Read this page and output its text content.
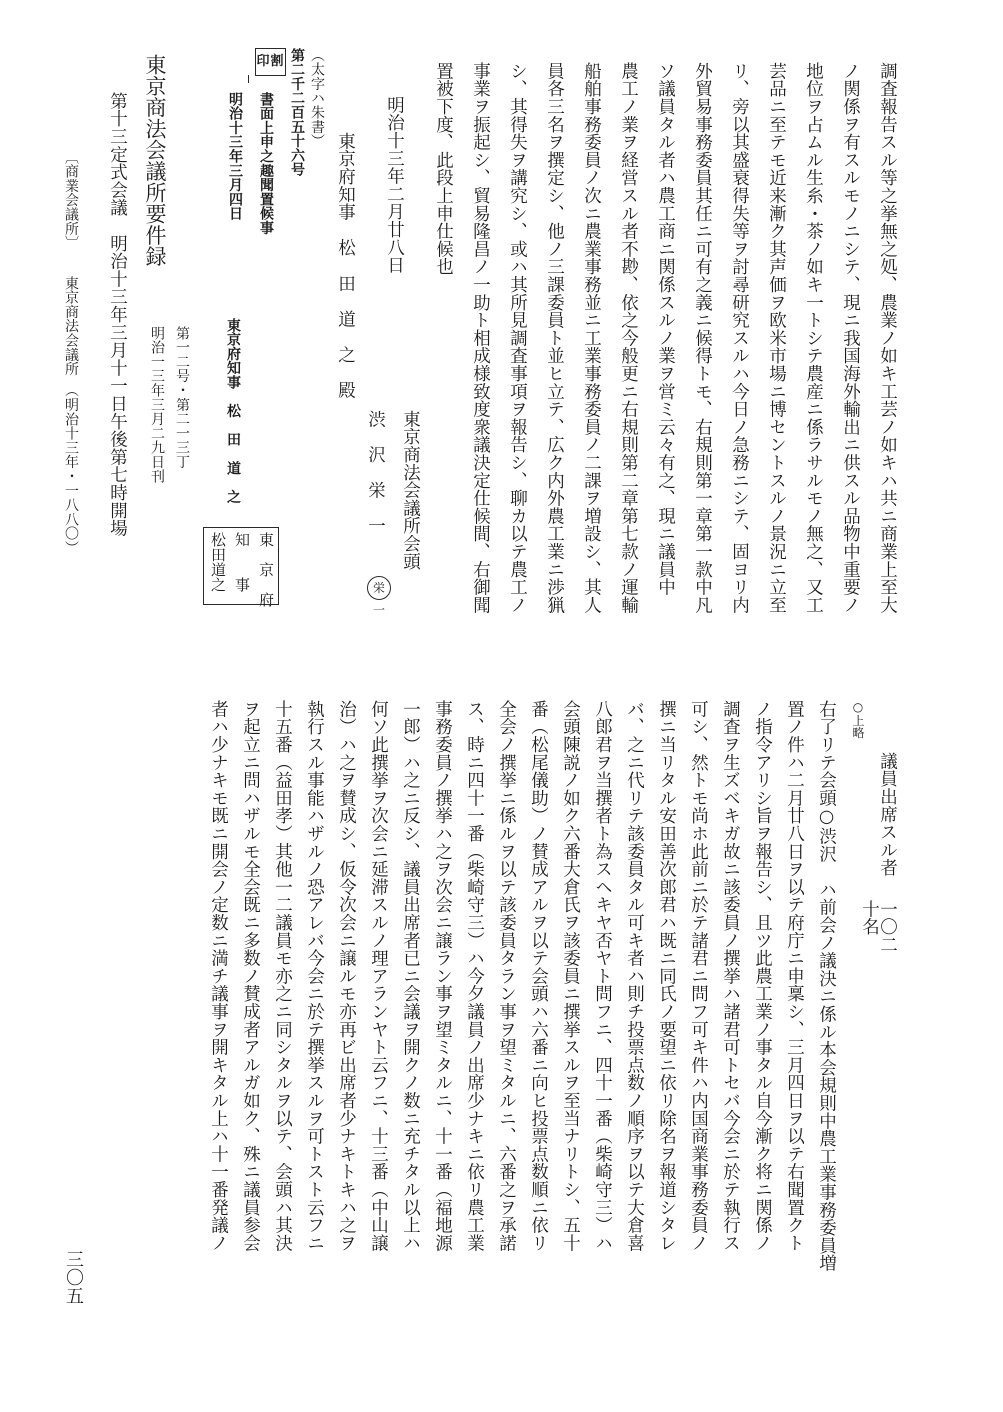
調査報告スル等之挙無之処、農業ノ如キ工芸ノ如キハ共ニ商業上至大
ノ関係ヲ有スルモノニシテ、現ニ我国海外輸出ニ供スル品物中重要ノ
地位ヲ占ムル生糸・茶ノ如キ一トシテ農産ニ係ラサルモノ無之、又工
芸品ニ至テモ近来漸ク其声価ヲ欧米市場ニ博セントスルノ景況ニ立至
リ、旁以其盛衰得失等ヲ討尋研究スルハ今日ノ急務ニシテ、固ヨリ内
外貿易事務委員其任ニ可有之義ニ候得トモ、右規則第一章第一款中凡
ソ議員タル者ハ農工商ニ関係スルノ業ヲ営ミ云々有之、現ニ議員中
農工ノ業ヲ経営スル者不尠、依之今般更ニ右規則第二章第七款ノ運輸
船舶事務委員ノ次ニ農業事務並ニ工業事務委員ノ二課ヲ増設シ、其人
員各三名ヲ撰定シ、他ノ三課委員ト並ヒ立テ、広ク内外農工業ニ渉猟
シ、其得失ヲ講究シ、或ハ其所見調査事項ヲ報告シ、聊カ以テ農工ノ
事業ヲ振起シ、貿易隆昌ノ一助ト相成様致度衆議決定仕候間、右御聞
置被下度、此段上申仕候也
明治十三年二月廿八日
東京商法会議所会頭
渋　沢　栄　一
栄一
東京府知事　松　田　道　之　殿
（太字ハ朱書）
第二千二百五十六号
印割
書面上申之趣聞置候事
明治十三年三月四日
東京府知事　松　田　道　之
東　京　府
知　　事
松田道之
東京商法会議所要件録
第一二号・第二一三丁
明治一三年三月二九日刊
第十三定式会議　明治十三年三月十一日午後第七時開場
〔商業会議所〕
東京商法会議所　（明治十三年・一八八〇）
議員出席スル者
一〇二
十名
○上略
右了リテ会頭○渋沢　ハ前会ノ議決ニ係ル本会規則中農工業事務委員増
置ノ件ハ二月廿八日ヲ以テ府庁ニ申稟シ、三月四日ヲ以テ右聞置クト
ノ指令アリシ旨ヲ報告シ、且ツ此農工業ノ事タル自今漸ク将ニ関係ノ
調査ヲ生ズベキガ故ニ該委員ノ撰挙ハ諸君可トセバ今会ニ於テ執行ス
可シ、然トモ尚ホ此前ニ於テ諸君ニ問フ可キ件ハ内国商業事務委員ノ
撰ニ当リタル安田善次郎君ハ既ニ同氏ノ要望ニ依リ除名ヲ報道シタレ
バ、之ニ代リテ該委員タル可キ者ハ則チ投票点数ノ順序ヲ以テ大倉喜
八郎君ヲ当撰者ト為スヘキヤ否ヤト問フニ、四十一番（柴崎守三）ハ
会頭陳説ノ如ク六番大倉氏ヲ該委員ニ撰挙スルヲ至当ナリトシ、五十
番（松尾儀助）ノ賛成アルヲ以テ会頭ハ六番ニ向ヒ投票点数順ニ依リ
全会ノ撰挙ニ係ルヲ以テ該委員タラン事ヲ望ミタルニ、六番之ヲ承諾
ス、時ニ四十一番（柴崎守三）ハ今夕議員ノ出席少ナキニ依リ農工業
事務委員ノ撰挙ハ之ヲ次会ニ譲ラン事ヲ望ミタルニ、十一番（福地源
一郎）ハ之ニ反シ、議員出席者已ニ会議ヲ開クノ数ニ充チタル以上ハ
何ソ此撰挙ヲ次会ニ延滞スルノ理アランヤト云フニ、十三番（中山譲
治）ハ之ヲ賛成シ、仮令次会ニ譲ルモ亦再ビ出席者少ナキトキハ之ヲ
執行スル事能ハザルノ恐アレバ今会ニ於テ撰挙スルヲ可トスト云フニ
十五番（益田孝）其他一二議員モ亦之ニ同シタルヲ以テ、会頭ハ其決
ヲ起立ニ問ハザルモ全会既ニ多数ノ賛成者アルガ如ク、殊ニ議員参会
者ハ少ナキモ既ニ開会ノ定数ニ満チ議事ヲ開キタル上ハ十一番発議ノ
三〇五
